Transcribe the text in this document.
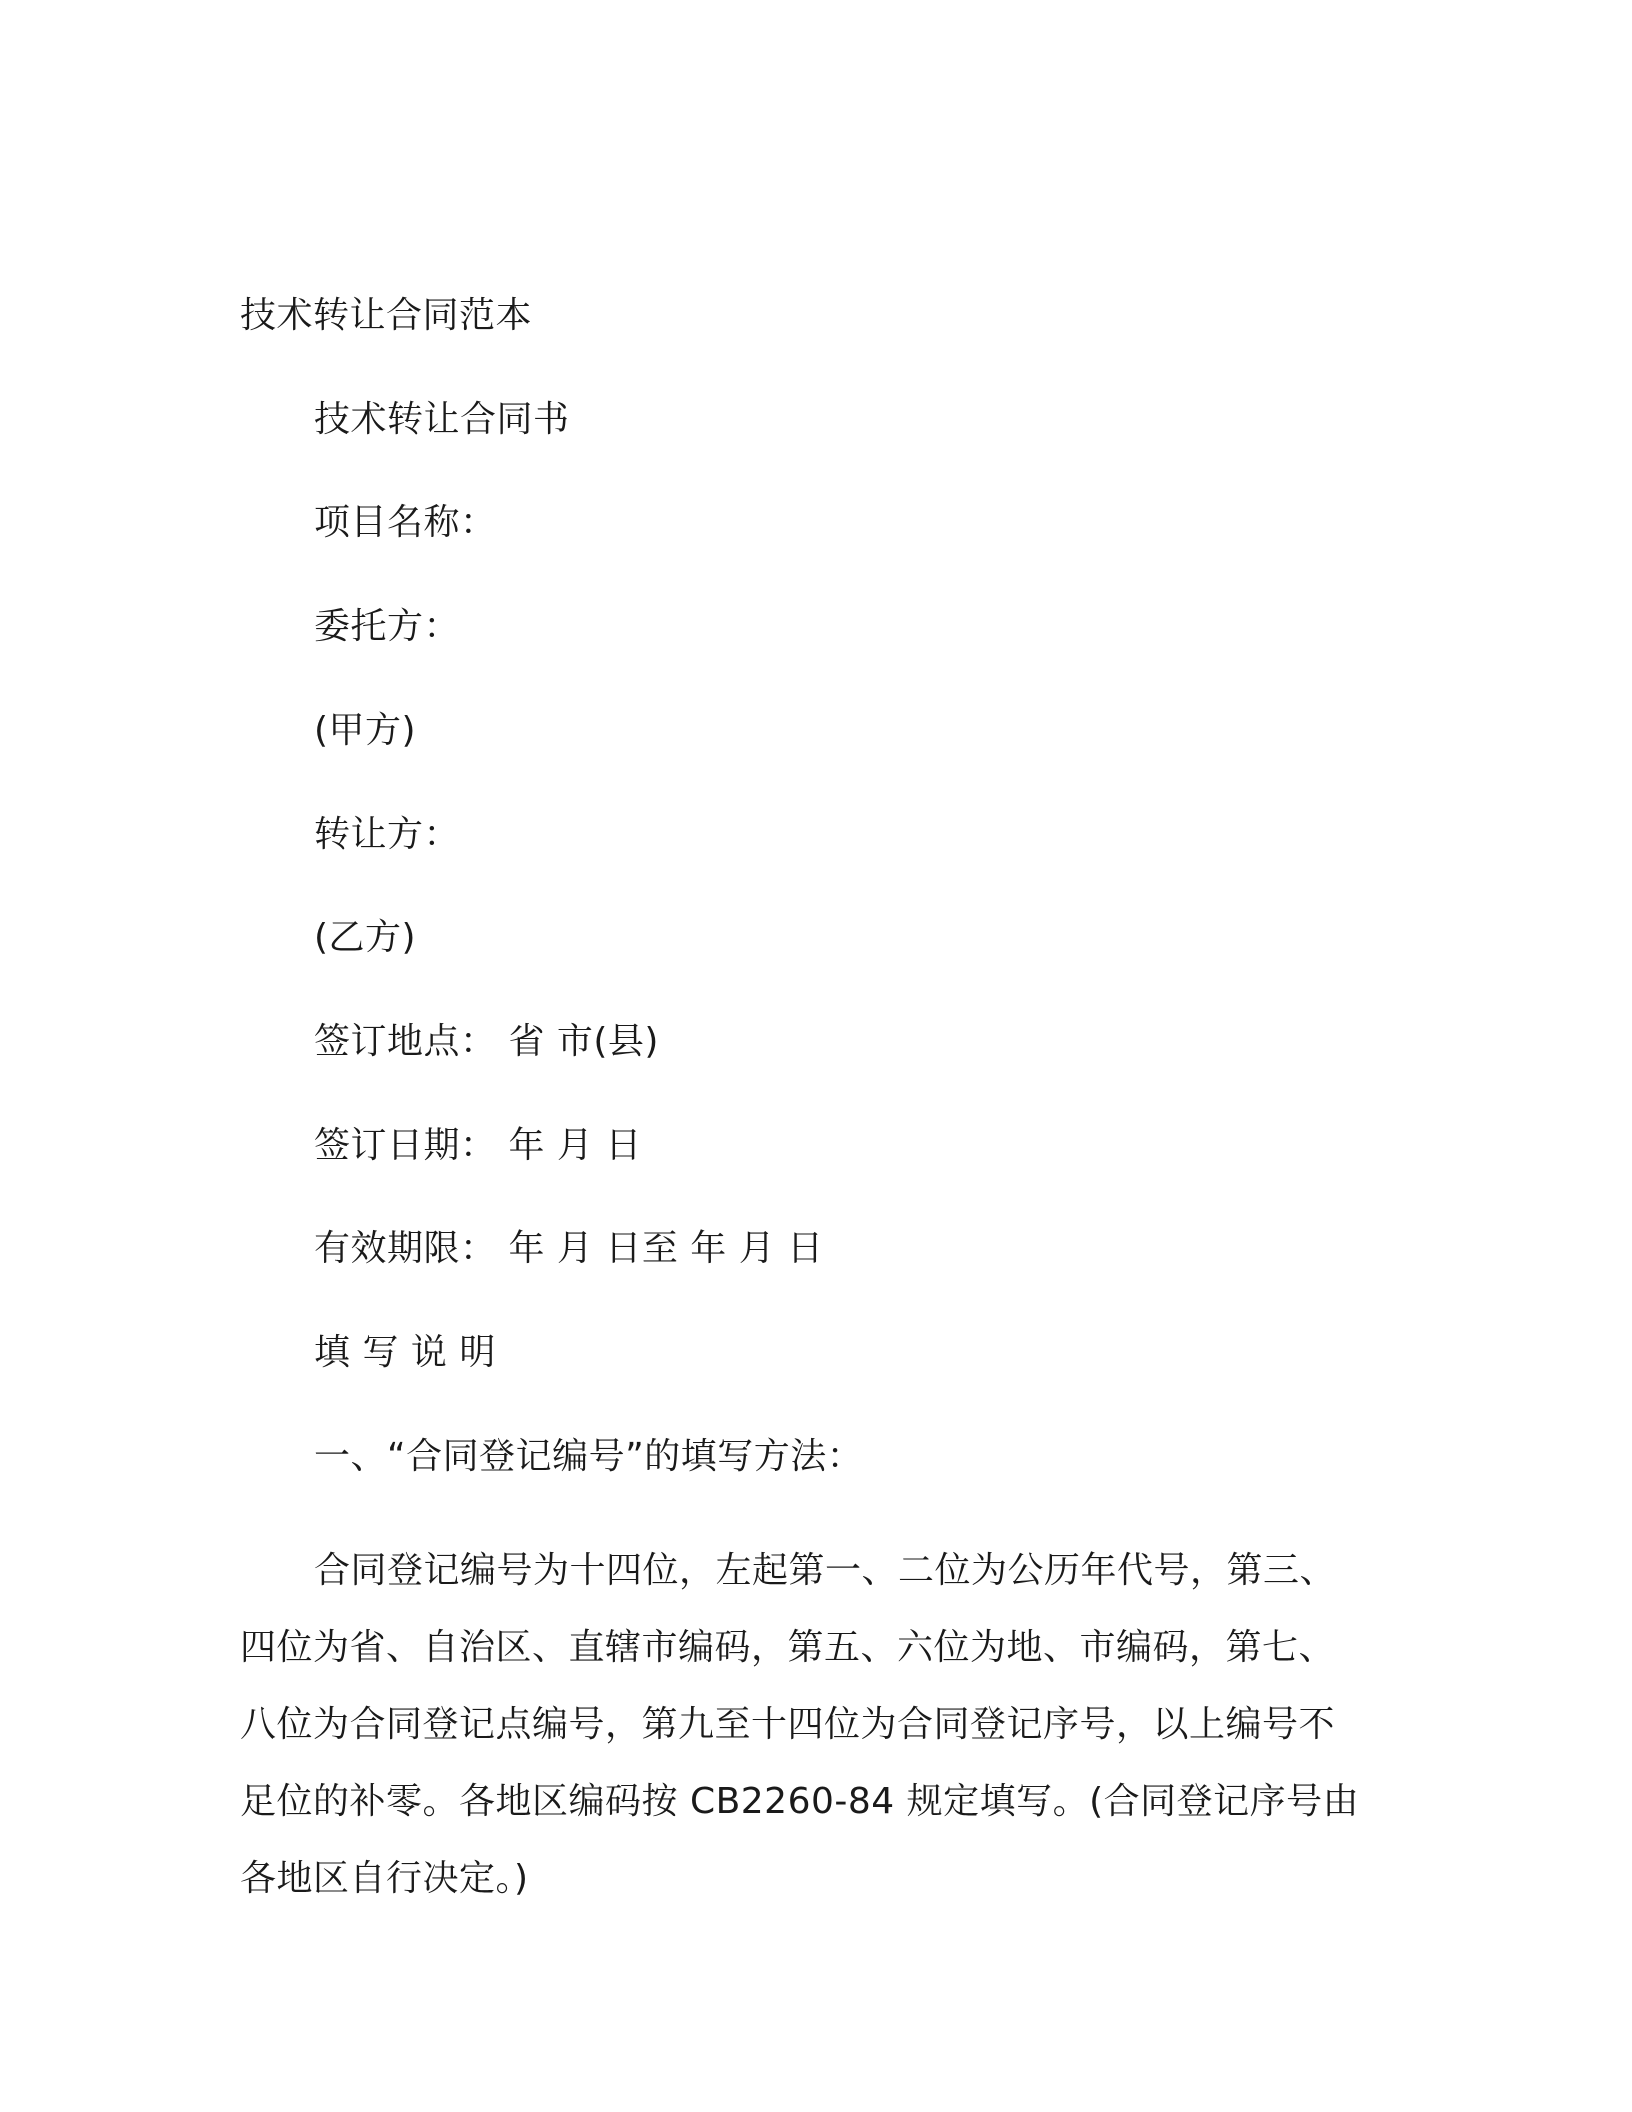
技术转让合同范本
技术转让合同书
项目名称：
委托方：
(甲方)
转让方：
(乙方)
签订地点： 省 市(县)
签订日期： 年 月 日
有效期限： 年 月 日至 年 月 日
填 写 说 明
一、“合同登记编号”的填写方法：
合同登记编号为十四位，左起第一、二位为公历年代号，第三、四位为省、自治区、直辖市编码，第五、六位为地、市编码，第七、八位为合同登记点编号，第九至十四位为合同登记序号，以上编号不足位的补零。各地区编码按 CB2260-84 规定填写。(合同登记序号由各地区自行决定。)
